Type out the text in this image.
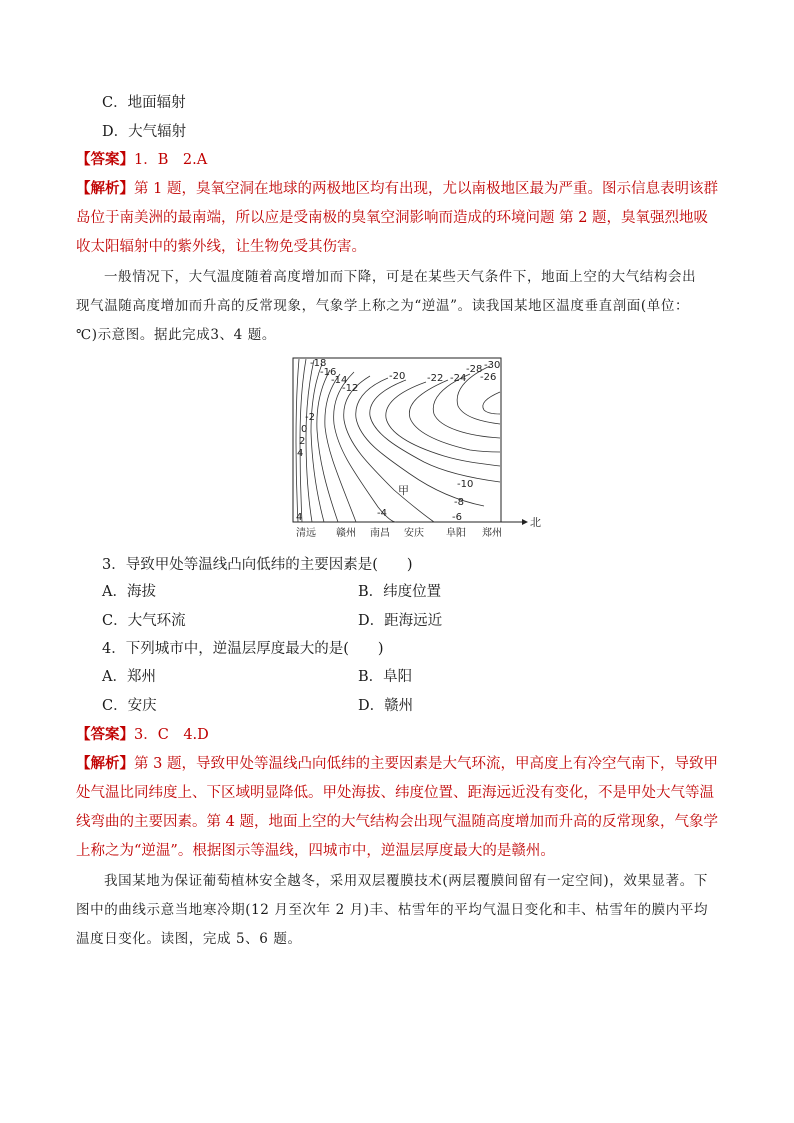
C．地面辐射
D．大气辐射
【答案】1．B　2.A
【解析】第 1 题，臭氧空洞在地球的两极地区均有出现，尤以南极地区最为严重。图示信息表明该群
岛位于南美洲的最南端，所以应是受南极的臭氧空洞影响而造成的环境问题 第 2 题，臭氧强烈地吸
收太阳辐射中的紫外线，让生物免受其伤害。
一般情况下，大气温度随着高度增加而下降，可是在某些天气条件下，地面上空的大气结构会出
现气温随高度增加而升高的反常现象，气象学上称之为“逆温”。读我国某地区温度垂直剖面(单位：
℃)示意图。据此完成3、4 题。
-18
-16
-14
-12
-20 -22 -24
-28 -30
-26
-2
0
2
4
-10
-8
-6
-4
4
甲
北
清远 赣州 南昌 安庆 阜阳 郑州
3．导致甲处等温线凸向低纬的主要因素是(　　)
A．海拔	B．纬度位置
C．大气环流	D．距海远近
4．下列城市中，逆温层厚度最大的是(　　)
A．郑州	B．阜阳
C．安庆	D．赣州
【答案】3．C　4.D
【解析】第 3 题，导致甲处等温线凸向低纬的主要因素是大气环流，甲高度上有冷空气南下，导致甲
处气温比同纬度上、下区域明显降低。甲处海拔、纬度位置、距海远近没有变化，不是甲处大气等温
线弯曲的主要因素。第 4 题，地面上空的大气结构会出现气温随高度增加而升高的反常现象，气象学
上称之为“逆温”。根据图示等温线，四城市中，逆温层厚度最大的是赣州。
我国某地为保证葡萄植林安全越冬，采用双层覆膜技术(两层覆膜间留有一定空间)，效果显著。下
图中的曲线示意当地寒冷期(12 月至次年 2 月)丰、枯雪年的平均气温日变化和丰、枯雪年的膜内平均
温度日变化。读图，完成 5、6 题。
